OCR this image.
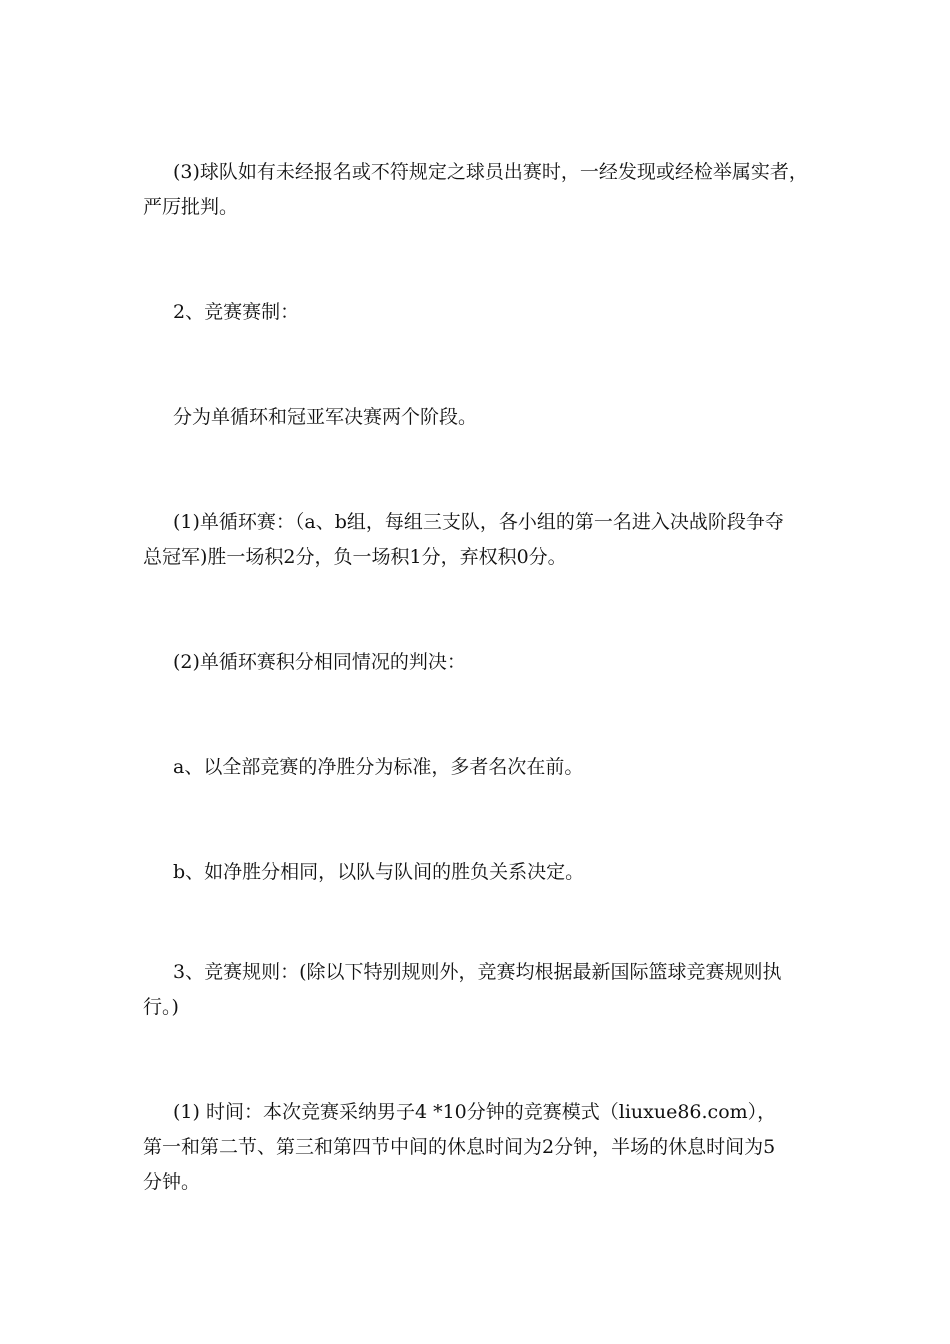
(3)球队如有未经报名或不符规定之球员出赛时，一经发现或经检举属实者，
严厉批判。

2、竞赛赛制：

分为单循环和冠亚军决赛两个阶段。

(1)单循环赛：（a、b组，每组三支队，各小组的第一名进入决战阶段争夺
总冠军)胜一场积2分，负一场积1分，弃权积0分。

(2)单循环赛积分相同情况的判决：

a、以全部竞赛的净胜分为标准，多者名次在前。

b、如净胜分相同，以队与队间的胜负关系决定。

3、竞赛规则：(除以下特别规则外，竞赛均根据最新国际篮球竞赛规则执
行。)

(1) 时间：本次竞赛采纳男子4 *10分钟的竞赛模式（liuxue86.com），
第一和第二节、第三和第四节中间的休息时间为2分钟，半场的休息时间为5
分钟。
